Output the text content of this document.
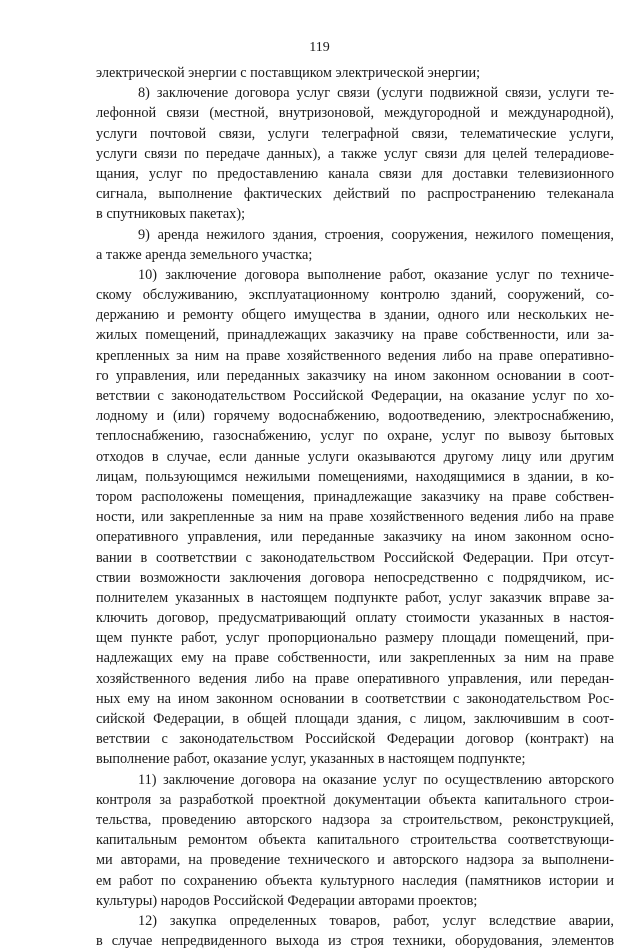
119
электрической энергии с поставщиком электрической энергии;
8) заключение договора услуг связи (услуги подвижной связи, услуги те-
лефонной связи (местной, внутризоновой, междугородной и международной),
услуги почтовой связи, услуги телеграфной связи, телематические услуги,
услуги связи по передаче данных), а также услуг связи для целей телерадиове-
щания, услуг по предоставлению канала связи для доставки телевизионного
сигнала, выполнение фактических действий по распространению телеканала
в спутниковых пакетах);
9) аренда нежилого здания, строения, сооружения, нежилого помещения,
а также аренда земельного участка;
10) заключение договора выполнение работ, оказание услуг по техниче-
скому обслуживанию, эксплуатационному контролю зданий, сооружений, со-
держанию и ремонту общего имущества в здании, одного или нескольких не-
жилых помещений, принадлежащих заказчику на праве собственности, или за-
крепленных за ним на праве хозяйственного ведения либо на праве оперативно-
го управления, или переданных заказчику на ином законном основании в соот-
ветствии с законодательством Российской Федерации, на оказание услуг по хо-
лодному и (или) горячему водоснабжению, водоотведению, электроснабжению,
теплоснабжению, газоснабжению, услуг по охране, услуг по вывозу бытовых
отходов в случае, если данные услуги оказываются другому лицу или другим
лицам, пользующимся нежилыми помещениями, находящимися в здании, в ко-
тором расположены помещения, принадлежащие заказчику на праве собствен-
ности, или закрепленные за ним на праве хозяйственного ведения либо на праве
оперативного управления, или переданные заказчику на ином законном осно-
вании в соответствии с законодательством Российской Федерации. При отсут-
ствии возможности заключения договора непосредственно с подрядчиком, ис-
полнителем указанных в настоящем подпункте работ, услуг заказчик вправе за-
ключить договор, предусматривающий оплату стоимости указанных в настоя-
щем пункте работ, услуг пропорционально размеру площади помещений, при-
надлежащих ему на праве собственности, или закрепленных за ним на праве
хозяйственного ведения либо на праве оперативного управления, или передан-
ных ему на ином законном основании в соответствии с законодательством Рос-
сийской Федерации, в общей площади здания, с лицом, заключившим в соот-
ветствии с законодательством Российской Федерации договор (контракт) на
выполнение работ, оказание услуг, указанных в настоящем подпункте;
11) заключение договора на оказание услуг по осуществлению авторского
контроля за разработкой проектной документации объекта капитального строи-
тельства, проведению авторского надзора за строительством, реконструкцией,
капитальным ремонтом объекта капитального строительства соответствующи-
ми авторами, на проведение технического и авторского надзора за выполнени-
ем работ по сохранению объекта культурного наследия (памятников истории и
культуры) народов Российской Федерации авторами проектов;
12) закупка определенных товаров, работ, услуг вследствие аварии,
в случае непредвиденного выхода из строя техники, оборудования, элементов
